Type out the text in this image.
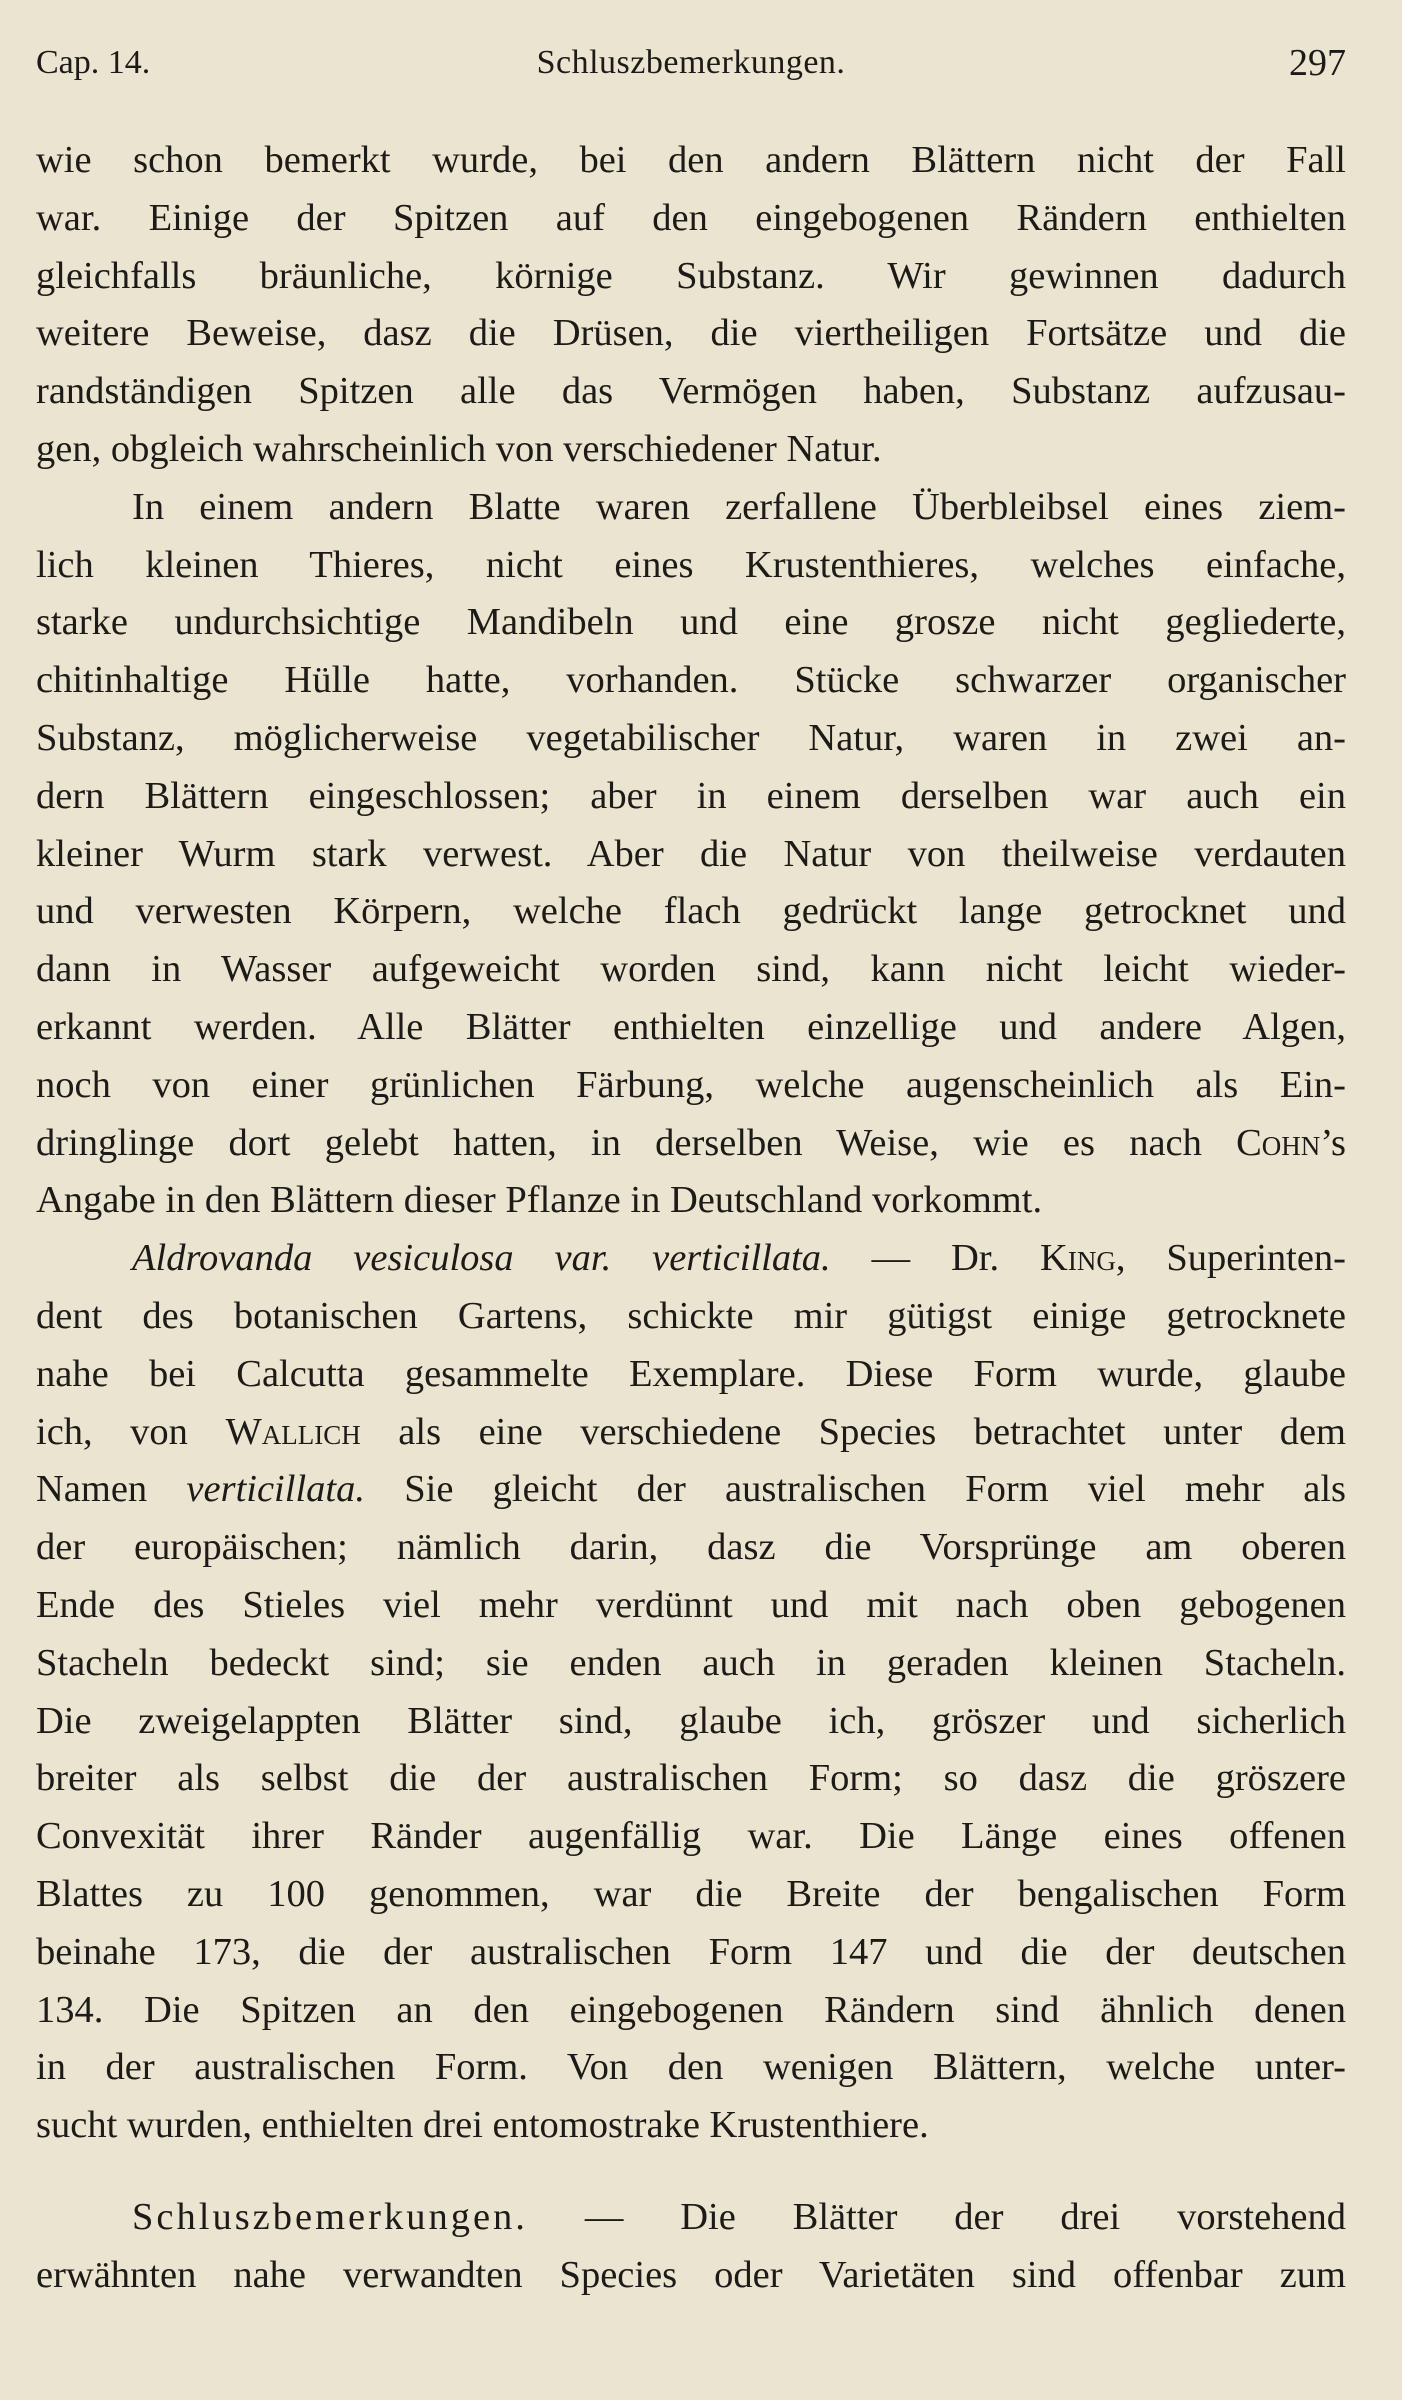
Cap. 14.	Schluszbemerkungen.	297

wie schon bemerkt wurde, bei den andern Blättern nicht der Fall
war. Einige der Spitzen auf den eingebogenen Rändern enthielten
gleichfalls bräunliche, körnige Substanz. Wir gewinnen dadurch
weitere Beweise, dasz die Drüsen, die viertheiligen Fortsätze und die
randständigen Spitzen alle das Vermögen haben, Substanz aufzusau-
gen, obgleich wahrscheinlich von verschiedener Natur.

In einem andern Blatte waren zerfallene Überbleibsel eines ziem-
lich kleinen Thieres, nicht eines Krustenthieres, welches einfache,
starke undurchsichtige Mandibeln und eine grosze nicht gegliederte,
chitinhaltige Hülle hatte, vorhanden. Stücke schwarzer organischer
Substanz, möglicherweise vegetabilischer Natur, waren in zwei an-
dern Blättern eingeschlossen; aber in einem derselben war auch ein
kleiner Wurm stark verwest. Aber die Natur von theilweise verdauten
und verwesten Körpern, welche flach gedrückt lange getrocknet und
dann in Wasser aufgeweicht worden sind, kann nicht leicht wieder-
erkannt werden. Alle Blätter enthielten einzellige und andere Algen,
noch von einer grünlichen Färbung, welche augenscheinlich als Ein-
dringlinge dort gelebt hatten, in derselben Weise, wie es nach Cohn’s
Angabe in den Blättern dieser Pflanze in Deutschland vorkommt.

Aldrovanda vesiculosa var. verticillata. — Dr. King, Superinten-
dent des botanischen Gartens, schickte mir gütigst einige getrocknete
nahe bei Calcutta gesammelte Exemplare. Diese Form wurde, glaube
ich, von Wallich als eine verschiedene Species betrachtet unter dem
Namen verticillata. Sie gleicht der australischen Form viel mehr als
der europäischen; nämlich darin, dasz die Vorsprünge am oberen
Ende des Stieles viel mehr verdünnt und mit nach oben gebogenen
Stacheln bedeckt sind; sie enden auch in geraden kleinen Stacheln.
Die zweigelappten Blätter sind, glaube ich, gröszer und sicherlich
breiter als selbst die der australischen Form; so dasz die gröszere
Convexität ihrer Ränder augenfällig war. Die Länge eines offenen
Blattes zu 100 genommen, war die Breite der bengalischen Form
beinahe 173, die der australischen Form 147 und die der deutschen
134. Die Spitzen an den eingebogenen Rändern sind ähnlich denen
in der australischen Form. Von den wenigen Blättern, welche unter-
sucht wurden, enthielten drei entomostrake Krustenthiere.

Schluszbemerkungen. — Die Blätter der drei vorstehend
erwähnten nahe verwandten Species oder Varietäten sind offenbar zum
